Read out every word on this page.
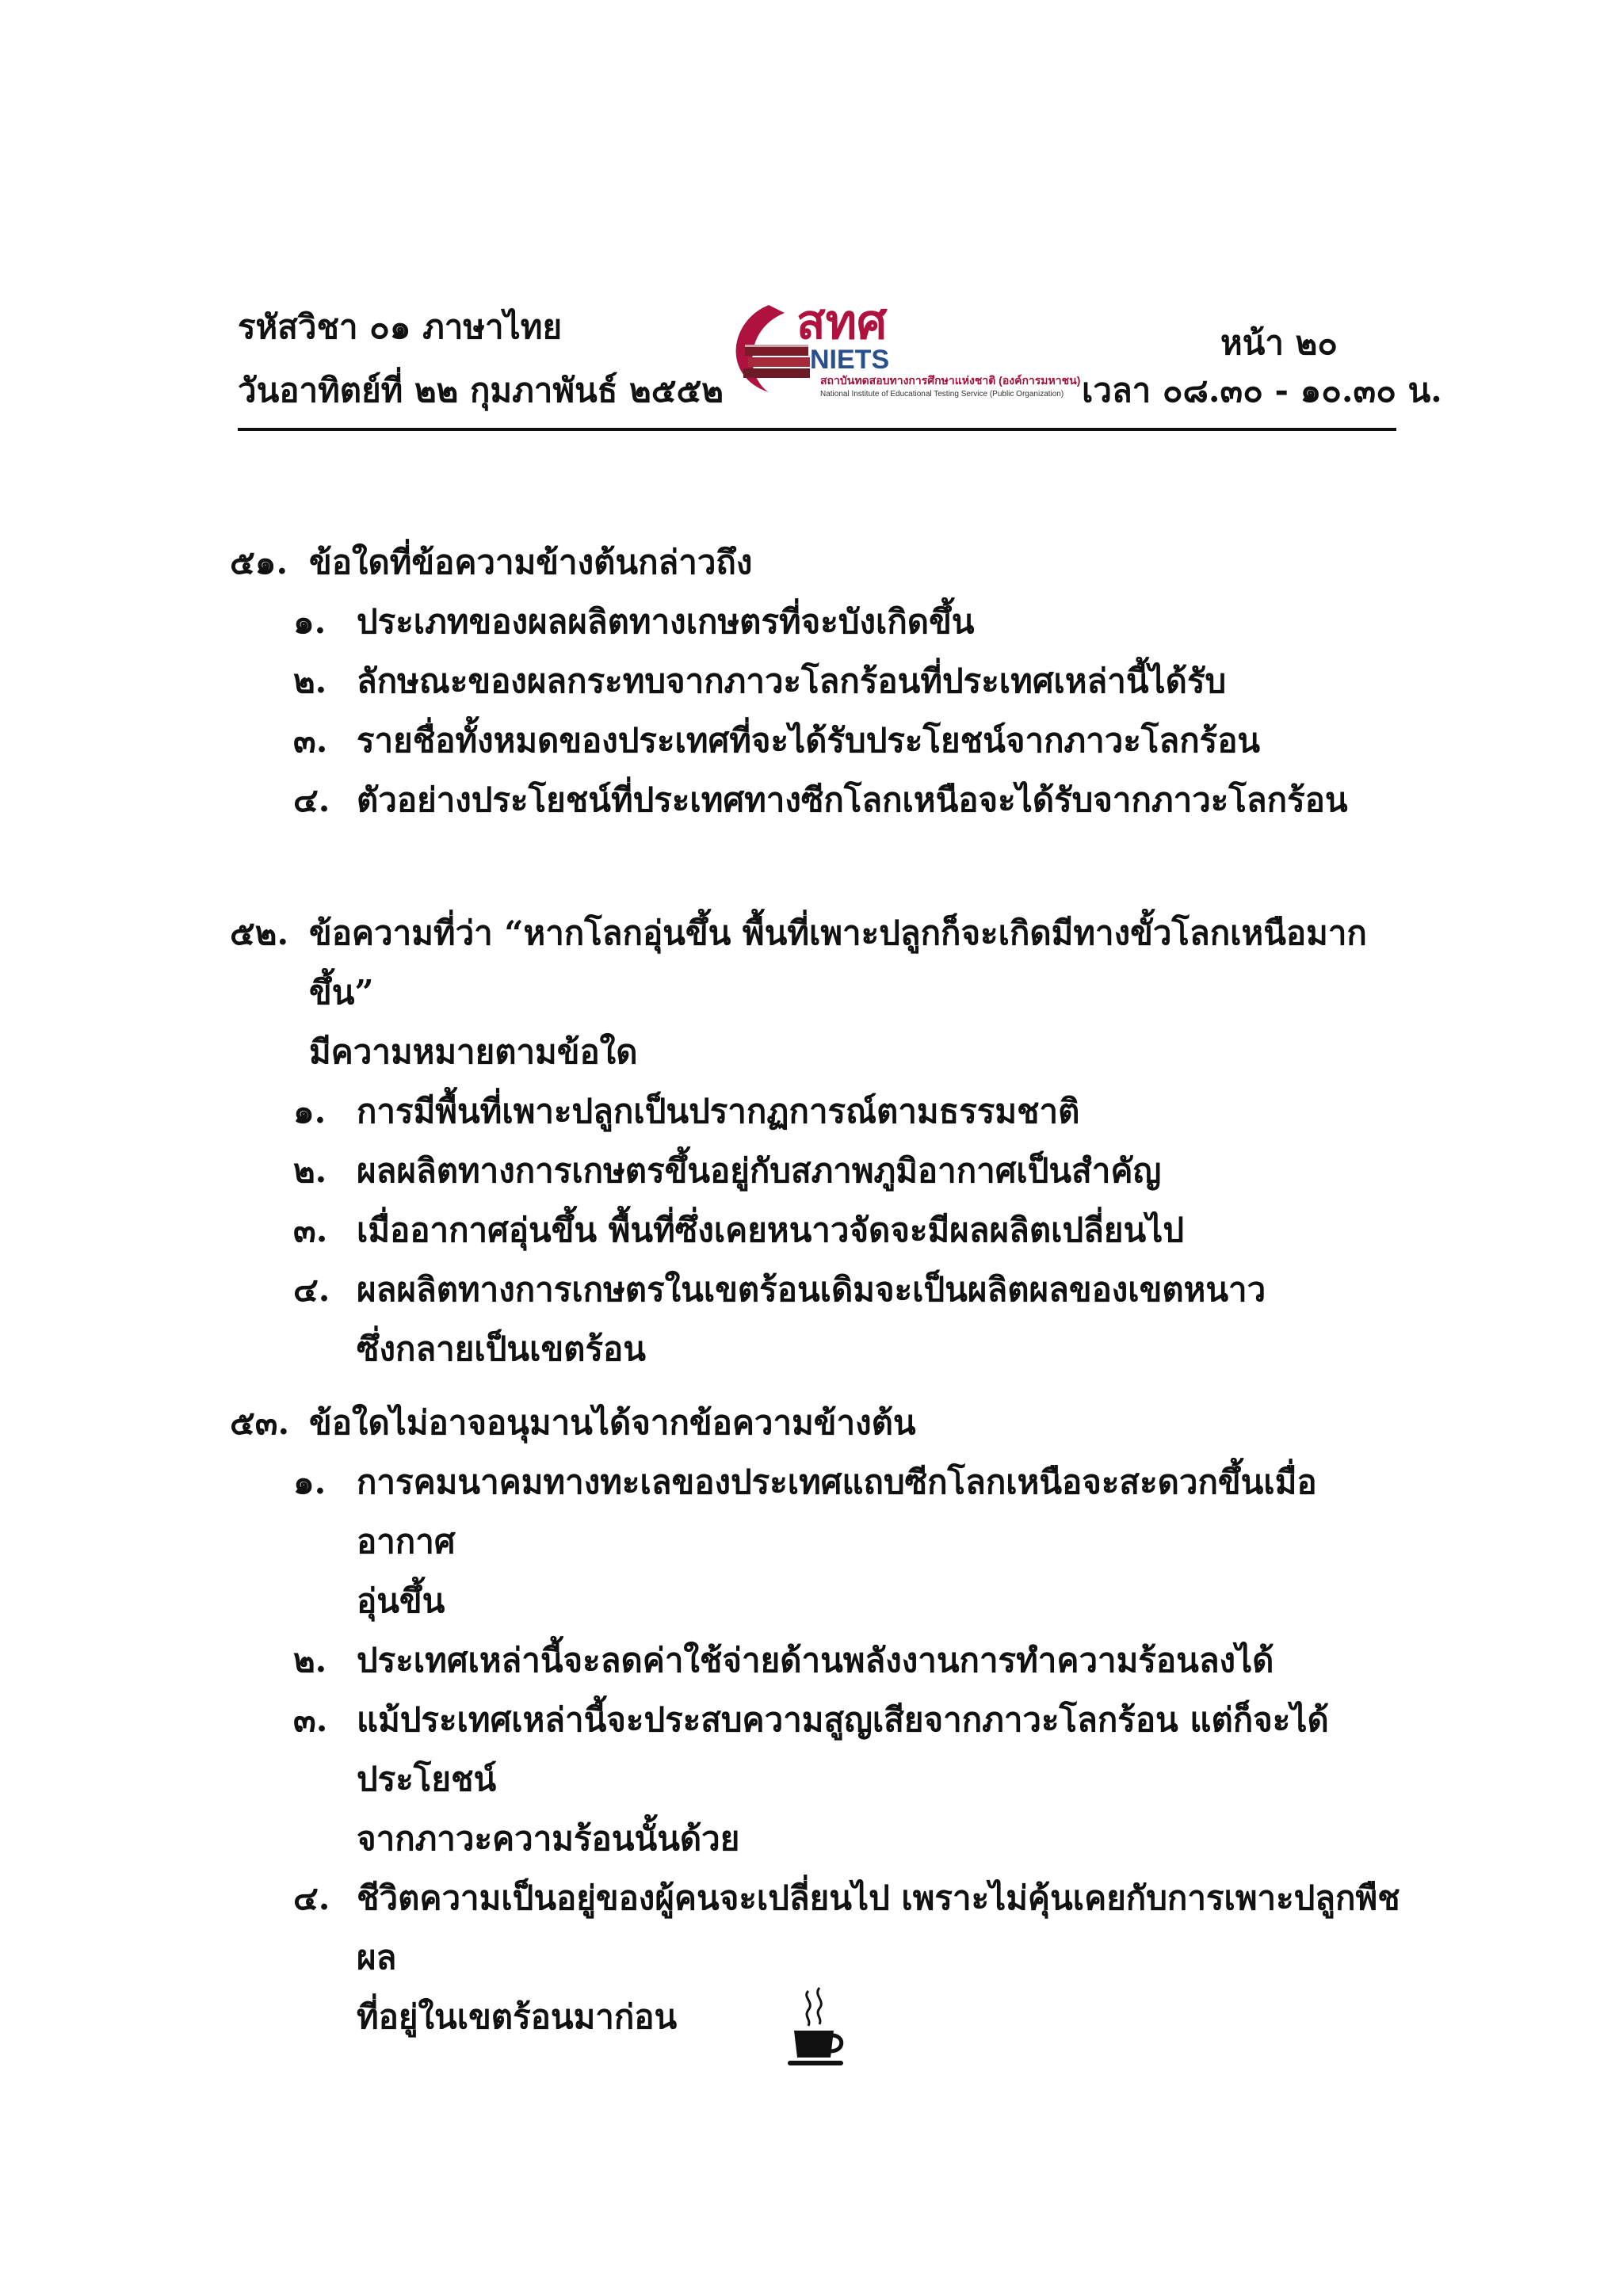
รหัสวิชา ๐๑ ภาษาไทย
วันอาทิตย์ที่ ๒๒ กุมภาพันธ์ ๒๕๕๒
หน้า ๒๐
เวลา ๐๘.๓๐ - ๑๐.๓๐ น.
สทศ
NIETS
สถาบันทดสอบทางการศึกษาแห่งชาติ (องค์การมหาชน)
National Institute of Educational Testing Service (Public Organization)
๕๑. ข้อใดที่ข้อความข้างต้นกล่าวถึง
๑. ประเภทของผลผลิตทางเกษตรที่จะบังเกิดขึ้น
๒. ลักษณะของผลกระทบจากภาวะโลกร้อนที่ประเทศเหล่านี้ได้รับ
๓. รายชื่อทั้งหมดของประเทศที่จะได้รับประโยชน์จากภาวะโลกร้อน
๔. ตัวอย่างประโยชน์ที่ประเทศทางซีกโลกเหนือจะได้รับจากภาวะโลกร้อน
๕๒. ข้อความที่ว่า “หากโลกอุ่นขึ้น พื้นที่เพาะปลูกก็จะเกิดมีทางขั้วโลกเหนือมากขึ้น”
มีความหมายตามข้อใด
๑. การมีพื้นที่เพาะปลูกเป็นปรากฏการณ์ตามธรรมชาติ
๒. ผลผลิตทางการเกษตรขึ้นอยู่กับสภาพภูมิอากาศเป็นสำคัญ
๓. เมื่ออากาศอุ่นขึ้น พื้นที่ซึ่งเคยหนาวจัดจะมีผลผลิตเปลี่ยนไป
๔. ผลผลิตทางการเกษตรในเขตร้อนเดิมจะเป็นผลิตผลของเขตหนาว
ซึ่งกลายเป็นเขตร้อน
๕๓. ข้อใดไม่อาจอนุมานได้จากข้อความข้างต้น
๑. การคมนาคมทางทะเลของประเทศแถบซีกโลกเหนือจะสะดวกขึ้นเมื่ออากาศ
อุ่นขึ้น
๒. ประเทศเหล่านี้จะลดค่าใช้จ่ายด้านพลังงานการทำความร้อนลงได้
๓. แม้ประเทศเหล่านี้จะประสบความสูญเสียจากภาวะโลกร้อน แต่ก็จะได้ประโยชน์
จากภาวะความร้อนนั้นด้วย
๔. ชีวิตความเป็นอยู่ของผู้คนจะเปลี่ยนไป เพราะไม่คุ้นเคยกับการเพาะปลูกพืชผล
ที่อยู่ในเขตร้อนมาก่อน
